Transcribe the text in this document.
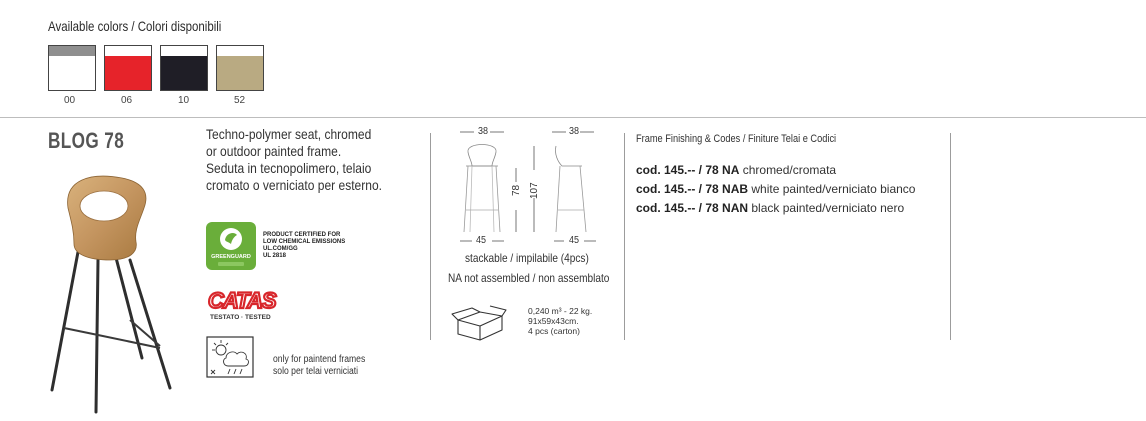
Available colors / Colori disponibili
00	06	10	52
BLOG 78	Techno-polymer seat, chromed
or outdoor painted frame.
Seduta in tecnopolimero, telaio
cromato o verniciato per esterno.
GREENGUARD
PRODUCT CERTIFIED FOR
LOW CHEMICAL EMISSIONS
UL.COM/GG
UL 2818
CATAS
TESTATO · TESTED
only for paintend frames
solo per telai verniciati
38	38
78 107
45	45
stackable / impilabile (4pcs)
NA not assembled / non assemblato
0,240 m³ - 22 kg.
91x59x43cm.
4 pcs (carton)
Frame Finishing & Codes / Finiture Telai e Codici
cod. 145.-- / 78 NA chromed/cromata
cod. 145.-- / 78 NAB white painted/verniciato bianco
cod. 145.-- / 78 NAN black painted/verniciato nero
